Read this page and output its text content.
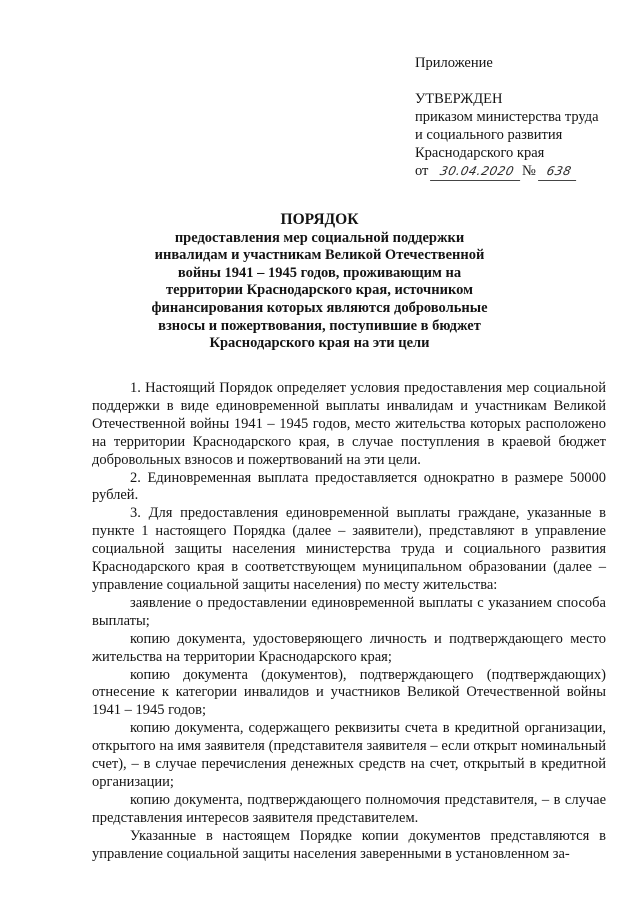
Приложение
УТВЕРЖДЕН
приказом министерства труда
и социального развития
Краснодарского края
от 30.04.2020 № 638
ПОРЯДОК
предоставления мер социальной поддержки
инвалидам и участникам Великой Отечественной
войны 1941 – 1945 годов, проживающим на
территории Краснодарского края, источником
финансирования которых являются добровольные
взносы и пожертвования, поступившие в бюджет
Краснодарского края на эти цели

1. Настоящий Порядок определяет условия предоставления мер социальной поддержки в виде единовременной выплаты инвалидам и участникам Великой Отечественной войны 1941 – 1945 годов, место жительства которых расположено на территории Краснодарского края, в случае поступления в краевой бюджет добровольных взносов и пожертвований на эти цели.

2. Единовременная выплата предоставляется однократно в размере 50000 рублей.

3. Для предоставления единовременной выплаты граждане, указанные в пункте 1 настоящего Порядка (далее – заявители), представляют в управление социальной защиты населения министерства труда и социального развития Краснодарского края в соответствующем муниципальном образовании (далее – управление социальной защиты населения) по месту жительства:

заявление о предоставлении единовременной выплаты с указанием способа выплаты;

копию документа, удостоверяющего личность и подтверждающего место жительства на территории Краснодарского края;

копию документа (документов), подтверждающего (подтверждающих) отнесение к категории инвалидов и участников Великой Отечественной войны 1941 – 1945 годов;

копию документа, содержащего реквизиты счета в кредитной организации, открытого на имя заявителя (представителя заявителя – если открыт номинальный счет), – в случае перечисления денежных средств на счет, открытый в кредитной организации;

копию документа, подтверждающего полномочия представителя, – в случае представления интересов заявителя представителем.

Указанные в настоящем Порядке копии документов представляются в управление социальной защиты населения заверенными в установленном за-
